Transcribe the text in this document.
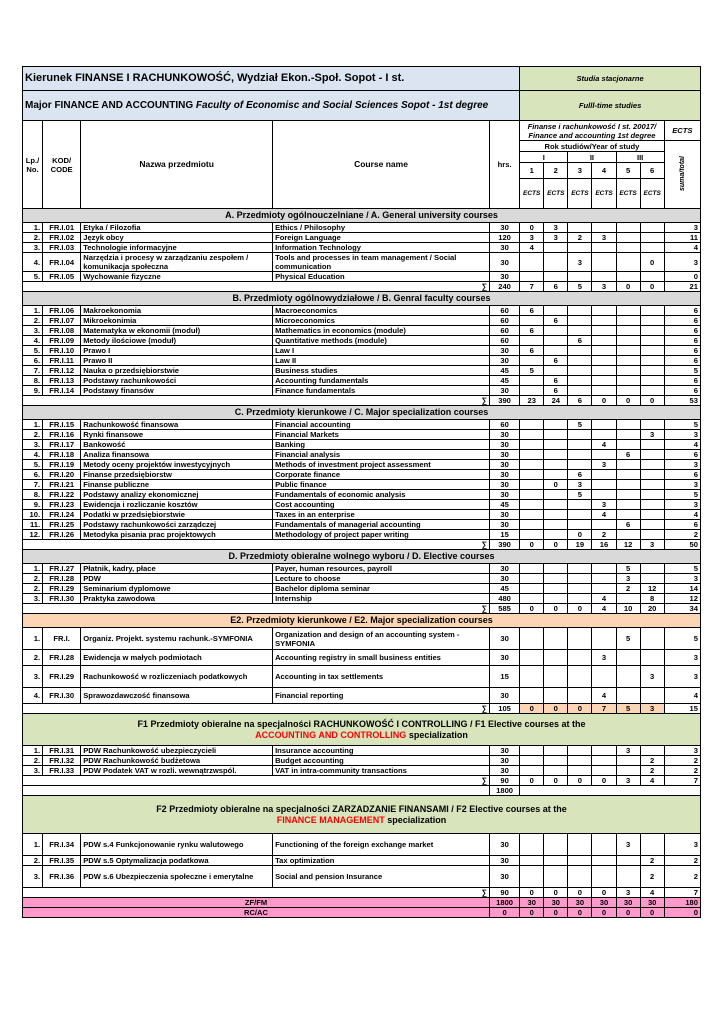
Kierunek FINANSE I RACHUNKOWOŚĆ, Wydział Ekon.-Społ. Sopot - I st.					Studia stacjonarne						
Major FINANCE AND ACCOUNTING Faculty of Economisc and Social Sciences Sopot - 1st degree					Fulll-time studies						
Lp./ No.	KOD/ CODE	Nazwa przedmiotu	Course name	hrs.	Finanse i rachunkowość I st. 20017/
Finance and accounting 1st degree						ECTS
					Rok studiów/Year of study						suma/total
					I		II		III		
					1	2	3	4	5	6	
					ECTS	ECTS	ECTS	ECTS	ECTS	ECTS	
A. Przedmioty ogólnouczelniane / A. General university courses											
1.	FR.I.01	Etyka / Filozofia	Ethics / Philosophy	30	0	3					3
2.	FR.I.02	Język obcy	Foreign Language	120	3	3	2	3			11
3.	FR.I.03	Technologie informacyjne	Information Technology	30	4						4
4.	FR.I.04	Narzędzia i procesy w zarządzaniu zespołem / komunikacja społeczna	Tools and processes in team management / Social communication	30			3			0	3
5.	FR.I.05	Wychowanie fizyczne	Physical Education	30							0
∑				240	7	6	5	3	0	0	21
B. Przedmioty ogólnowydziałowe / B. Genral faculty courses											
1.	FR.I.06	Makroekonomia	Macroeconomics	60	6						6
2.	FR.I.07	Mikroekonimia	Microeconomics	60		6					6
3.	FR.I.08	Matematyka w ekonomii (moduł)	Mathematics in economics (module)	60	6						6
4.	FR.I.09	Metody ilościowe (moduł)	Quantitative methods (module)	60			6				6
5.	FR.I.10	Prawo I	Law I	30	6						6
6.	FR.I.11	Prawo II	Law II	30		6					6
7.	FR.I.12	Nauka o przedsiębiorstwie	Business studies	45	5						5
8.	FR.I.13	Podstawy rachunkowości	Accounting fundamentals	45		6					6
9.	FR.I.14	Podstawy finansów	Finance fundamentals	30		6					6
∑				390	23	24	6	0	0	0	53
C. Przedmioty kierunkowe / C. Major specialization courses											
1.	FR.I.15	Rachunkowość finansowa	Financial accounting	60			5				5
2.	FR.I.16	Rynki finansowe	Financial Markets	30						3	3
3.	FR.I.17	Bankowość	Banking	30				4			4
4.	FR.I.18	Analiza finansowa	Financial analysis	30					6		6
5.	FR.I.19	Metody oceny projektów inwestycyjnych	Methods of investment project assessment	30				3			3
6.	FR.I.20	Finanse przedsiębiorstw	Corporate finance	30			6				6
7.	FR.I.21	Finanse publiczne	Public finance	30		0	3				3
8.	FR.I.22	Podstawy analizy ekonomicznej	Fundamentals of economic analysis	30			5				5
9.	FR.I.23	Ewidencja i rozliczanie kosztów	Cost accounting	45				3			3
10.	FR.I.24	Podatki w przedsiębiorstwie	Taxes in an enterprise	30				4			4
11.	FR.I.25	Podstawy rachunkowości zarządczej	Fundamentals of managerial accounting	30					6		6
12.	FR.I.26	Metodyka pisania prac projektowych	Methodology of project paper writing	15			0	2			2
∑				390	0	0	19	16	12	3	50
D. Przedmioty obieralne wolnego wyboru / D. Elective courses											
1.	FR.I.27	Płatnik, kadry, płace	Payer, human resources, payroll	30					5		5
2.	FR.I.28	PDW	Lecture to choose	30					3		3
2.	FR.I.29	Seminarium dyplomowe	Bachelor diploma seminar	45					2	12	14
3.	FR.I.30	Praktyka zawodowa	Internship	480				4		8	12
∑				585	0	0	0	4	10	20	34
E2. Przedmioty kierunkowe / E2. Major specialization courses											
1.	FR.I.	Organiz. Projekt. systemu rachunk.-SYMFONIA	Organization and design of an accounting system - SYMFONIA	30					5		5
2.	FR.I.28	Ewidencja w małych podmiotach	Accounting registry in small business entities	30				3			3
3.	FR.I.29	Rachunkowość w rozliczeniach podatkowych	Accounting in tax settlements	15						3	3
4.	FR.I.30	Sprawozdawczość finansowa	Financial reporting	30				4			4
∑				105	0	0	0	7	5	3	15
F1 Przedmioty obieralne na specjalności RACHUNKOWOŚĆ I CONTROLLING / F1 Elective courses at the
ACCOUNTING AND CONTROLLING specialization											
1.	FR.I.31	PDW Rachunkowość ubezpieczycieli	Insurance accounting	30					3		3
2.	FR.I.32	PDW Rachunkowość budżetowa	Budget accounting	30						2	2
3.	FR.I.33	PDW Podatek VAT w rozli. wewnątrzwspól.	VAT in intra-community transactions	30						2	2
∑				90	0	0	0	0	3	4	7
				1800							
F2 Przedmioty obieralne na specjalności ZARZADZANIE FINANSAMI / F2 Elective courses at the
FINANCE MANAGEMENT specialization											
1.	FR.I.34	PDW s.4 Funkcjonowanie rynku walutowego	Functioning of the foreign exchange market	30					3		3
2.	FR.I.35	PDW s.5 Optymalizacja podatkowa	Tax optimization	30						2	2
3.	FR.I.36	PDW s.6 Ubezpieczenia społeczne i emerytalne	Social and pension Insurance	30						2	2
∑				90	0	0	0	0	3	4	7
ZF/FM				1800	30	30	30	30	30	30	180
RC/AC				0	0	0	0	0	0	0	0
